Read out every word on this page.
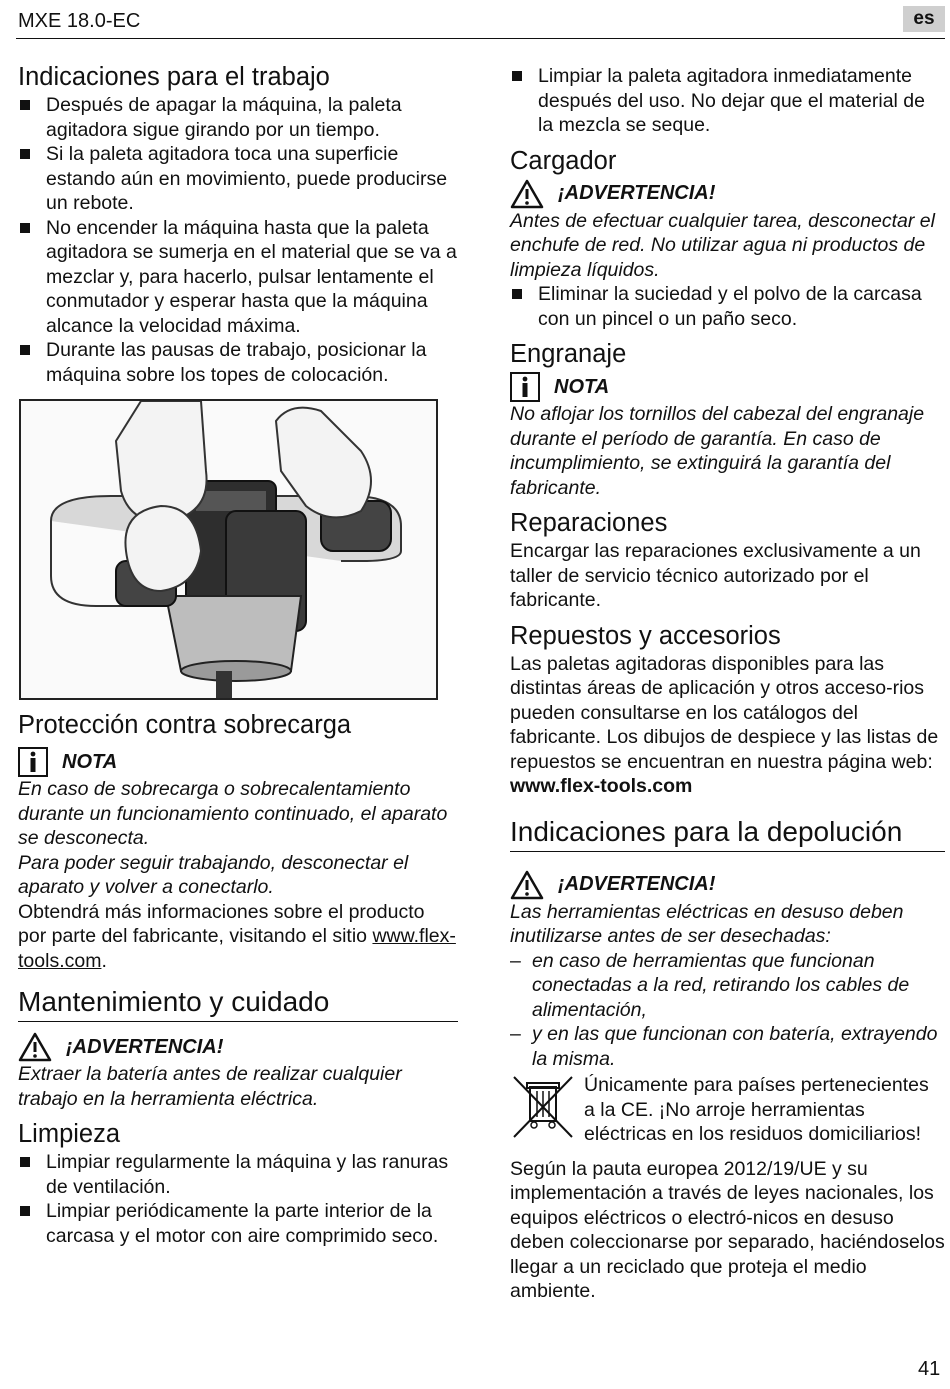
MXE 18.0-EC	es
Indicaciones para el trabajo
Después de apagar la máquina, la paleta agitadora sigue girando por un tiempo.
Si la paleta agitadora toca una superficie estando aún en movimiento, puede producirse un rebote.
No encender la máquina hasta que la paleta agitadora se sumerja en el material que se va a mezclar y, para hacerlo, pulsar lentamente el conmutador y esperar hasta que la máquina alcance la velocidad máxima.
Durante las pausas de trabajo, posicionar la máquina sobre los topes de colocación.
Protección contra sobrecarga
NOTA

En caso de sobrecarga o sobrecalentamiento durante un funcionamiento continuado, el aparato se desconecta.

Para poder seguir trabajando, desconectar el aparato y volver a conectarlo.

Obtendrá más informaciones sobre el producto por parte del fabricante, visitando el sitio www.flex-tools.com.

Mantenimiento y cuidado
¡ADVERTENCIA!

Extraer la batería antes de realizar cualquier trabajo en la herramienta eléctrica.

Limpieza
Limpiar regularmente la máquina y las ranuras de ventilación.
Limpiar periódicamente la parte interior de la carcasa y el motor con aire comprimido seco.
Limpiar la paleta agitadora inmediatamente después del uso. No dejar que el material de la mezcla se seque.
Cargador
¡ADVERTENCIA!

Antes de efectuar cualquier tarea, desconectar el enchufe de red. No utilizar agua ni productos de limpieza líquidos.

Eliminar la suciedad y el polvo de la carcasa con un pincel o un paño seco.
Engranaje
NOTA

No aflojar los tornillos del cabezal del engranaje durante el período de garantía. En caso de incumplimiento, se extinguirá la garantía del fabricante.

Reparaciones

Encargar las reparaciones exclusivamente a un taller de servicio técnico autorizado por el fabricante.

Repuestos y accesorios

Las paletas agitadoras disponibles para las distintas áreas de aplicación y otros acceso-rios pueden consultarse en los catálogos del fabricante. Los dibujos de despiece y las listas de repuestos se encuentran en nuestra página web: www.flex-tools.com

Indicaciones para la depolución
¡ADVERTENCIA!

Las herramientas eléctricas en desuso deben inutilizarse antes de ser desechadas:

– en caso de herramientas que funcionan conectadas a la red, retirando los cables de alimentación,
– y en las que funcionan con batería, extrayendo la misma.

Únicamente para países pertenecientes a la CE. ¡No arroje herramientas eléctricas en los residuos domiciliarios!

Según la pauta europea 2012/19/UE y su implementación a través de leyes nacionales, los equipos eléctricos o electró-nicos en desuso deben coleccionarse por separado, haciéndoselos llegar a un reciclado que proteja el medio ambiente.

41
